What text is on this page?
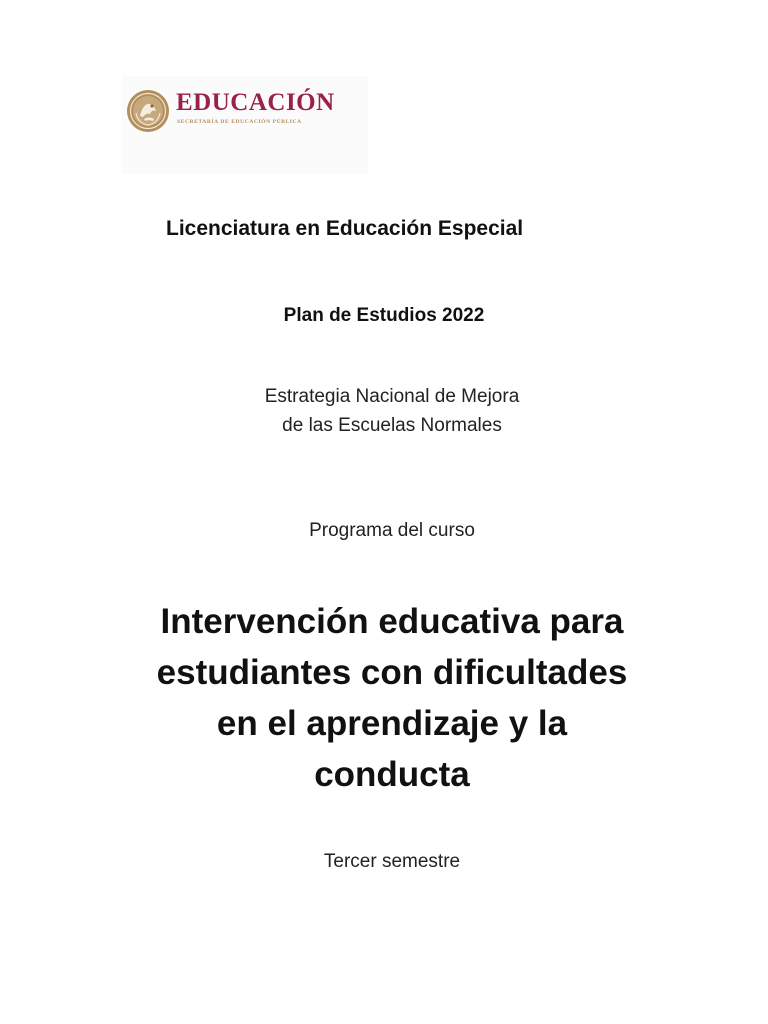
EDUCACIÓN
SECRETARÍA DE EDUCACIÓN PÚBLICA
Licenciatura en Educación Especial
Plan de Estudios 2022
Estrategia Nacional de Mejora
de las Escuelas Normales
Programa del curso
Intervención educativa para
estudiantes con dificultades
en el aprendizaje y la
conducta
Tercer semestre
